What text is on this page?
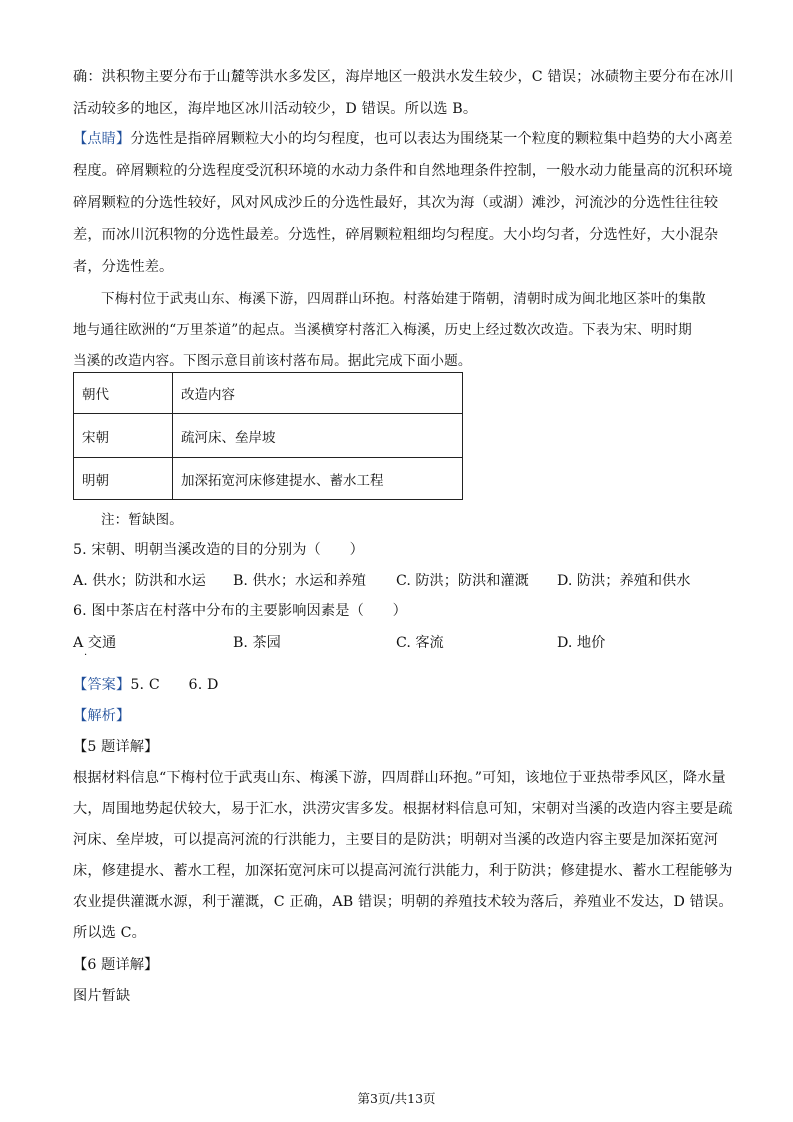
确：洪积物主要分布于山麓等洪水多发区，海岸地区一般洪水发生较少，C 错误；冰碛物主要分布在冰川
活动较多的地区，海岸地区冰川活动较少，D 错误。所以选 B。
【点睛】分选性是指碎屑颗粒大小的均匀程度，也可以表达为围绕某一个粒度的颗粒集中趋势的大小离差
程度。碎屑颗粒的分选程度受沉积环境的水动力条件和自然地理条件控制，一般水动力能量高的沉积环境
碎屑颗粒的分选性较好，风对风成沙丘的分选性最好，其次为海（或湖）滩沙，河流沙的分选性往往较
差，而冰川沉积物的分选性最差。分选性，碎屑颗粒粗细均匀程度。大小均匀者，分选性好，大小混杂
者，分选性差。
下梅村位于武夷山东、梅溪下游，四周群山环抱。村落始建于隋朝，清朝时成为闽北地区茶叶的集散
地与通往欧洲的“万里茶道”的起点。当溪横穿村落汇入梅溪，历史上经过数次改造。下表为宋、明时期
当溪的改造内容。下图示意目前该村落布局。据此完成下面小题。
朝代	改造内容
宋朝	疏河床、垒岸坡
明朝	加深拓宽河床修建提水、蓄水工程
注：暂缺图。
5. 宋朝、明朝当溪改造的目的分别为（　　）
A. 供水；防洪和水运 B. 供水；水运和养殖 C. 防洪；防洪和灌溉 D. 防洪；养殖和供水
6. 图中茶店在村落中分布的主要影响因素是（　　）
A 交通
·
B. 茶园	C. 客流	D. 地价
【答案】5. C　　6. D
【解析】
【5 题详解】
根据材料信息“下梅村位于武夷山东、梅溪下游，四周群山环抱。”可知，该地位于亚热带季风区，降水量
大，周围地势起伏较大，易于汇水，洪涝灾害多发。根据材料信息可知，宋朝对当溪的改造内容主要是疏
河床、垒岸坡，可以提高河流的行洪能力，主要目的是防洪；明朝对当溪的改造内容主要是加深拓宽河
床，修建提水、蓄水工程，加深拓宽河床可以提高河流行洪能力，利于防洪；修建提水、蓄水工程能够为
农业提供灌溉水源，利于灌溉，C 正确，AB 错误；明朝的养殖技术较为落后，养殖业不发达，D 错误。
所以选 C。
【6 题详解】
图片暂缺
第3页/共13页
